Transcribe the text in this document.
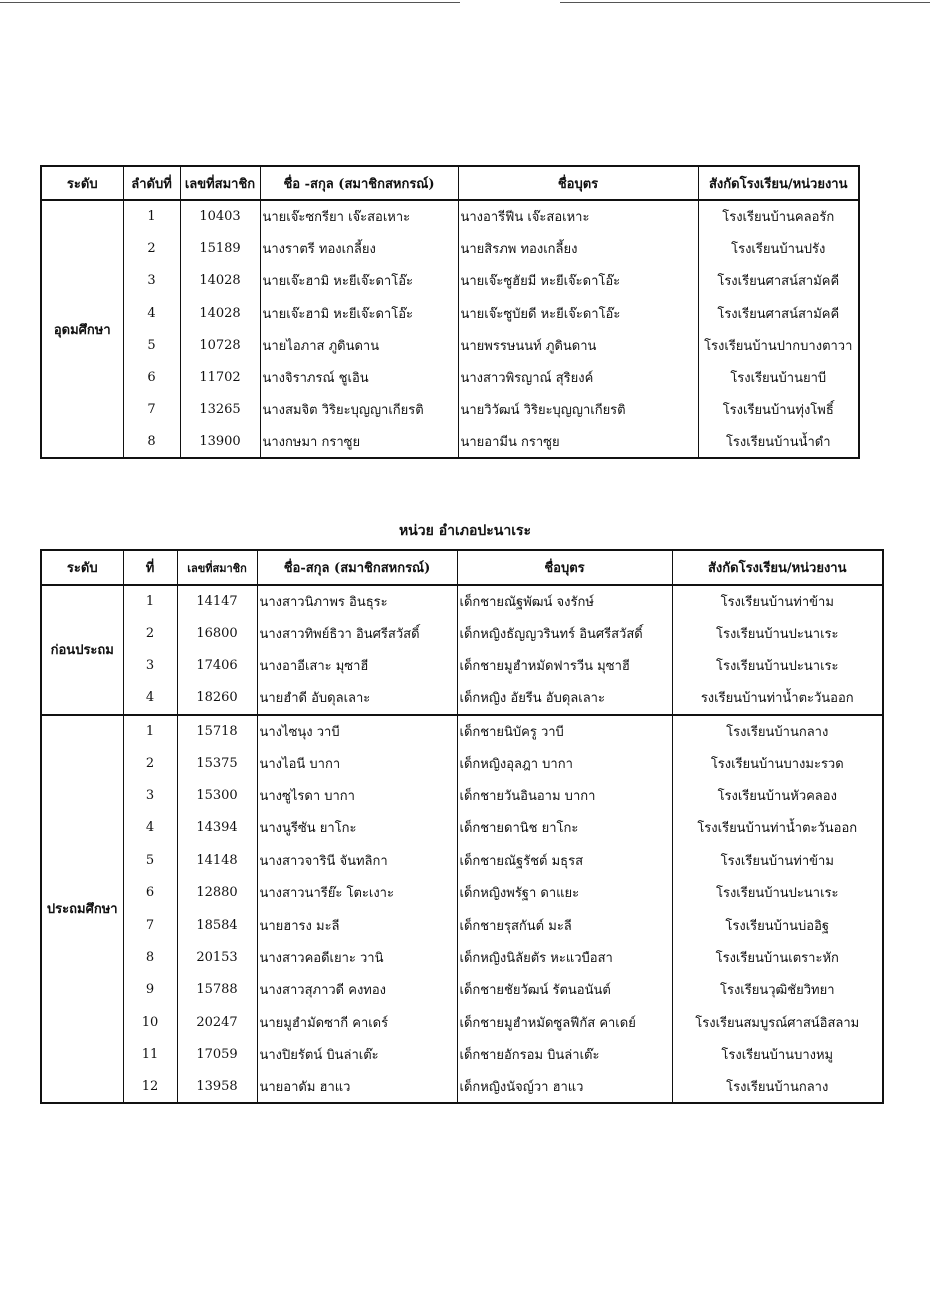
ระดับ	ลำดับที่	เลขที่สมาชิก	ชื่อ -สกุล (สมาชิกสหกรณ์)	ชื่อบุตร	สังกัดโรงเรียน/หน่วยงาน
อุดมศึกษา	1	10403	นายเจ๊ะซกรียา เจ๊ะสอเหาะ	นางอารีฟีน เจ๊ะสอเหาะ	โรงเรียนบ้านคลอรัก
	2	15189	นางราตรี ทองเกลี้ยง	นายสิรภพ ทองเกลี้ยง	โรงเรียนบ้านปรัง
	3	14028	นายเจ๊ะฮามิ หะยีเจ๊ะดาโอ๊ะ	นายเจ๊ะซูฮัยมี หะยีเจ๊ะดาโอ๊ะ	โรงเรียนศาสน์สามัคคี
	4	14028	นายเจ๊ะฮามิ หะยีเจ๊ะดาโอ๊ะ	นายเจ๊ะซูบัยดี หะยีเจ๊ะดาโอ๊ะ	โรงเรียนศาสน์สามัคคี
	5	10728	นายไอภาส ภูดินดาน	นายพรรษนนท์ ภูดินดาน	โรงเรียนบ้านปากบางตาวา
	6	11702	นางจิราภรณ์ ชูเอิน	นางสาวพิรญาณ์ สุริยงค์	โรงเรียนบ้านยาบี
	7	13265	นางสมจิต วิริยะบุญญาเกียรติ	นายวิวัฒน์ วิริยะบุญญาเกียรติ	โรงเรียนบ้านทุ่งโพธิ์
	8	13900	นางกษมา กราซูย	นายอามีน กราซูย	โรงเรียนบ้านน้ำดำ
หน่วย อำเภอปะนาเระ
ระดับ	ที่	เลขที่สมาชิก	ชื่อ-สกุล (สมาชิกสหกรณ์)	ชื่อบุตร	สังกัดโรงเรียน/หน่วยงาน
ก่อนประถม	1	14147	นางสาวนิภาพร อินธุระ	เด็กชายณัฐพัฒน์ จงรักษ์	โรงเรียนบ้านท่าข้าม
	2	16800	นางสาวทิพย์ธิวา อินศรีสวัสดิ์	เด็กหญิงธัญญวรินทร์ อินศรีสวัสดิ์	โรงเรียนบ้านปะนาเระ
	3	17406	นางอาอีเสาะ มุซาฮี	เด็กชายมูฮำหมัดฟารวีน มุซาฮี	โรงเรียนบ้านปะนาเระ
	4	18260	นายฮำดี อับดุลเลาะ	เด็กหญิง อัยรีน อับดุลเลาะ	รงเรียนบ้านท่าน้ำตะวันออก
ประถมศึกษา	1	15718	นางไซนุง วาบี	เด็กชายนิบัครู วาบี	โรงเรียนบ้านกลาง
	2	15375	นางไอนี บากา	เด็กหญิงอุลฎา บากา	โรงเรียนบ้านบางมะรวด
	3	15300	นางซูไรดา บากา	เด็กชายวันอินอาม บากา	โรงเรียนบ้านหัวคลอง
	4	14394	นางนูรีซัน ยาโกะ	เด็กชายดานิช ยาโกะ	โรงเรียนบ้านท่าน้ำตะวันออก
	5	14148	นางสาวจารินี จันทลิกา	เด็กชายณัฐรัชต์ มธุรส	โรงเรียนบ้านท่าข้าม
	6	12880	นางสาวนารีย๊ะ โตะเงาะ	เด็กหญิงพรัฐา ดาแยะ	โรงเรียนบ้านปะนาเระ
	7	18584	นายฮารง มะลี	เด็กชายรุสกันต์ มะลี	โรงเรียนบ้านบ่ออิฐ
	8	20153	นางสาวคอดีเยาะ วานิ	เด็กหญิงนิลัยตัร หะแวบือสา	โรงเรียนบ้านเตราะหัก
	9	15788	นางสาวสุภาวดี คงทอง	เด็กชายชัยวัฒน์ รัตนอนันต์	โรงเรียนวุฒิชัยวิทยา
	10	20247	นายมูฮำมัดซากี คาเดร์	เด็กชายมูฮำหมัดซูลฟีกัส คาเดย์	โรงเรียนสมบูรณ์ศาสน์อิสลาม
	11	17059	นางปิยรัตน์ บินล่าเต๊ะ	เด็กชายอักรอม บินล่าเต๊ะ	โรงเรียนบ้านบางหมู
	12	13958	นายอาดัม ฮาแว	เด็กหญิงนัจญ์วา ฮาแว	โรงเรียนบ้านกลาง
